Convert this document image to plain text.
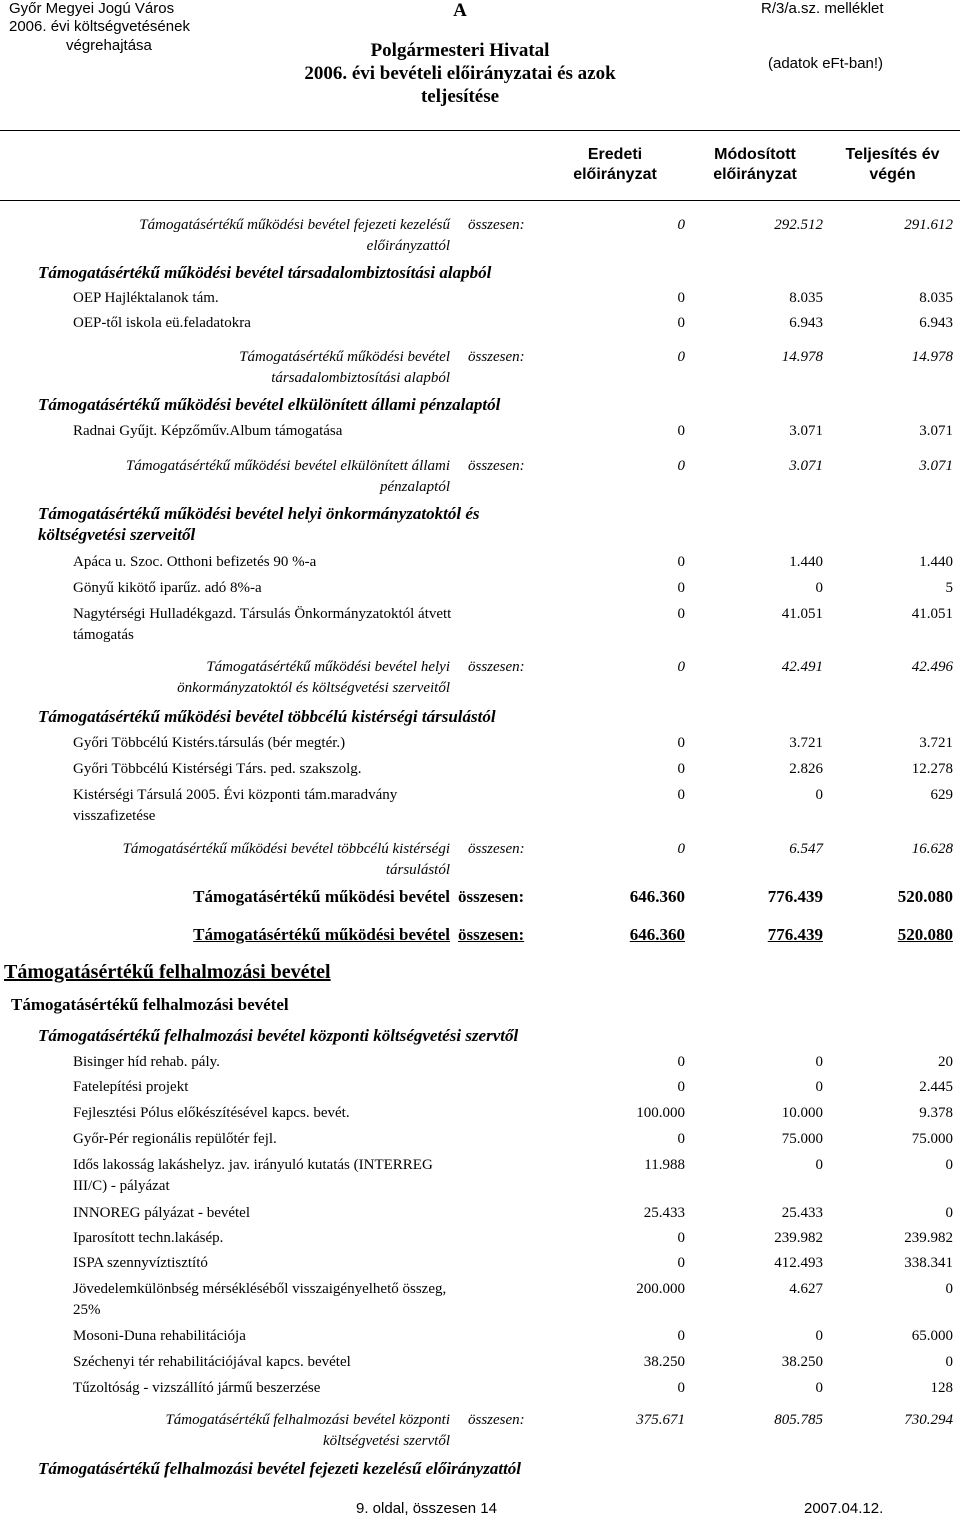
Győr Megyei Jogú Város
2006. évi költségvetésének
végrehajtása
A
Polgármesteri Hivatal
2006. évi bevételi előirányzatai és azok
teljesítése
R/3/a.sz. melléklet
(adatok eFt-ban!)
Eredeti
előirányzat
Módosított
előirányzat
Teljesítés év
végén
Támogatásértékű működési bevétel fejezeti kezelésű
előirányzattól
összesen:	0	292.512	291.612
Támogatásértékű működési bevétel társadalombiztosítási alapból
OEP Hajléktalanok tám.	0	8.035	8.035
OEP-től iskola eü.feladatokra	0	6.943	6.943
Támogatásértékű működési bevétel
társadalombiztosítási alapból
összesen:	0	14.978	14.978
Támogatásértékű működési bevétel elkülönített állami pénzalaptól
Radnai Gyűjt. Képzőműv.Album támogatása	0	3.071	3.071
Támogatásértékű működési bevétel elkülönített állami
pénzalaptól
összesen:	0	3.071	3.071
Támogatásértékű működési bevétel helyi önkormányzatoktól és
költségvetési szerveitől
Apáca u. Szoc. Otthoni befizetés 90 %-a	0	1.440	1.440
Gönyű kikötő iparűz. adó 8%-a	0	0	5
Nagytérségi Hulladékgazd. Társulás Önkormányzatoktól átvett
támogatás
0	41.051	41.051
Támogatásértékű működési bevétel helyi
önkormányzatoktól és költségvetési szerveitől
összesen:	0	42.491	42.496
Támogatásértékű működési bevétel többcélú kistérségi társulástól
Győri Többcélú Kistérs.társulás (bér megtér.)	0	3.721	3.721
Győri Többcélú Kistérségi Társ. ped. szakszolg.	0	2.826	12.278
Kistérségi Társulá 2005. Évi központi tám.maradvány
visszafizetése
0	0	629
Támogatásértékű működési bevétel többcélú kistérségi
társulástól
összesen:	0	6.547	16.628
Támogatásértékű működési bevétel összesen:	646.360	776.439	520.080
Támogatásértékű működési bevétel összesen:	646.360	776.439	520.080
Támogatásértékű felhalmozási bevétel
Támogatásértékű felhalmozási bevétel
Támogatásértékű felhalmozási bevétel központi költségvetési szervtől
Bisinger híd rehab. pály.	0	0	20
Fatelepítési projekt	0	0	2.445
Fejlesztési Pólus előkészítésével kapcs. bevét.	100.000	10.000	9.378
Győr-Pér regionális repülőtér fejl.	0	75.000	75.000
Idős lakosság lakáshelyz. jav. irányuló kutatás (INTERREG
III/C) - pályázat
11.988	0	0
INNOREG pályázat - bevétel	25.433	25.433	0
Iparosított techn.lakásép.	0	239.982	239.982
ISPA szennyvíztisztító	0	412.493	338.341
Jövedelemkülönbség mérsékléséből visszaigényelhető összeg,
25%
200.000	4.627	0
Mosoni-Duna rehabilitációja	0	0	65.000
Széchenyi tér rehabilitációjával kapcs. bevétel	38.250	38.250	0
Tűzoltóság - vizszállító jármű beszerzése	0	0	128
Támogatásértékű felhalmozási bevétel központi
költségvetési szervtől
összesen:	375.671	805.785	730.294
Támogatásértékű felhalmozási bevétel fejezeti kezelésű előirányzattól
9. oldal, összesen 14	2007.04.12.
